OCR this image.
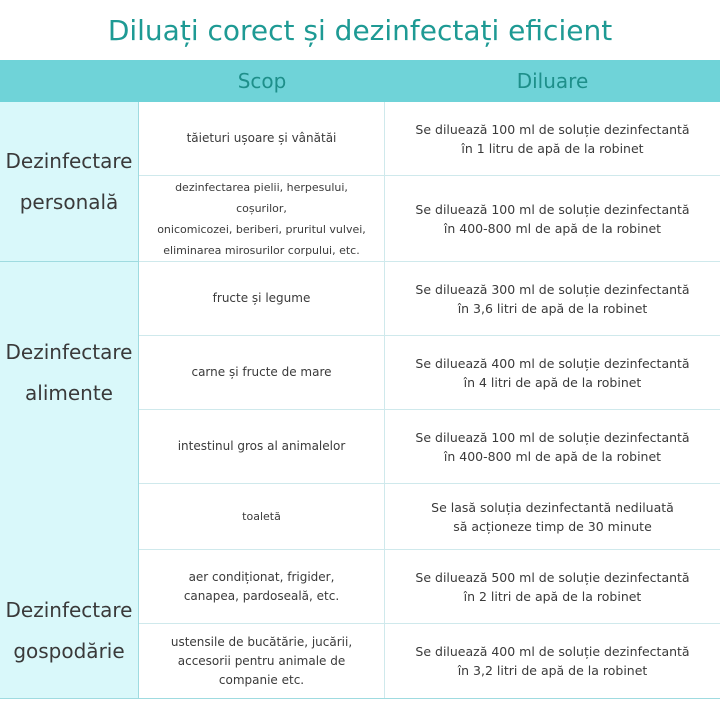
Diluați corect și dezinfectați eficient
Scop	Diluare
Dezinfectare
personală
Dezinfectare
alimente
Dezinfectare
gospodărie
tăieturi ușoare și vânătăi
Se diluează 100 ml de soluție dezinfectantă
în 1 litru de apă de la robinet
dezinfectarea pielii, herpesului, coșurilor,
onicomicozei, beriberi, pruritul vulvei,
eliminarea mirosurilor corpului, etc.
Se diluează 100 ml de soluție dezinfectantă
în 400-800 ml de apă de la robinet
fructe și legume
Se diluează 300 ml de soluție dezinfectantă
în 3,6 litri de apă de la robinet
carne și fructe de mare
Se diluează 400 ml de soluție dezinfectantă
în 4 litri de apă de la robinet
intestinul gros al animalelor
Se diluează 100 ml de soluție dezinfectantă
în 400-800 ml de apă de la robinet
toaletă
Se lasă soluția dezinfectantă nediluată
să acționeze timp de 30 minute
aer condiționat, frigider,
canapea, pardoseală, etc.
Se diluează 500 ml de soluție dezinfectantă
în 2 litri de apă de la robinet
ustensile de bucătărie, jucării,
accesorii pentru animale de
companie etc.
Se diluează 400 ml de soluție dezinfectantă
în 3,2 litri de apă de la robinet
